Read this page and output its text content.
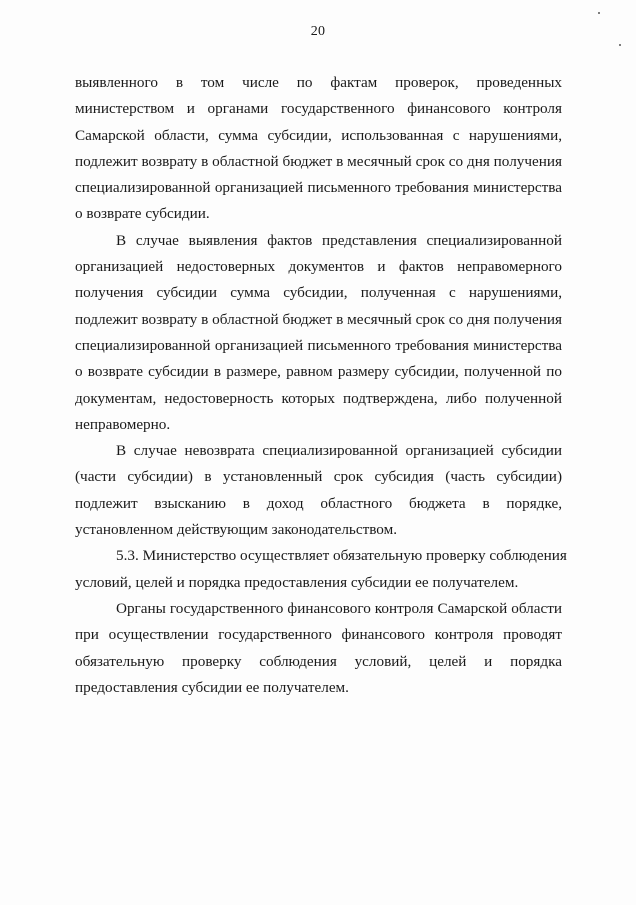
20

выявленного в том числе по фактам проверок, проведенных
министерством и органами государственного финансового контроля
Самарской области, сумма субсидии, использованная с нарушениями,
подлежит возврату в областной бюджет в месячный срок со дня получения
специализированной организацией письменного требования министерства
о возврате субсидии.

В случае выявления фактов представления специализированной
организацией недостоверных документов и фактов неправомерного
получения субсидии сумма субсидии, полученная с нарушениями,
подлежит возврату в областной бюджет в месячный срок со дня получения
специализированной организацией письменного требования министерства
о возврате субсидии в размере, равном размеру субсидии, полученной по
документам, недостоверность которых подтверждена, либо полученной
неправомерно.

В случае невозврата специализированной организацией субсидии
(части субсидии) в установленный срок субсидия (часть субсидии)
подлежит взысканию в доход областного бюджета в порядке,
установленном действующим законодательством.

5.3. Министерство осуществляет обязательную проверку соблюдения
условий, целей и порядка предоставления субсидии ее получателем.

Органы государственного финансового контроля Самарской области
при осуществлении государственного финансового контроля проводят
обязательную проверку соблюдения условий, целей и порядка
предоставления субсидии ее получателем.
